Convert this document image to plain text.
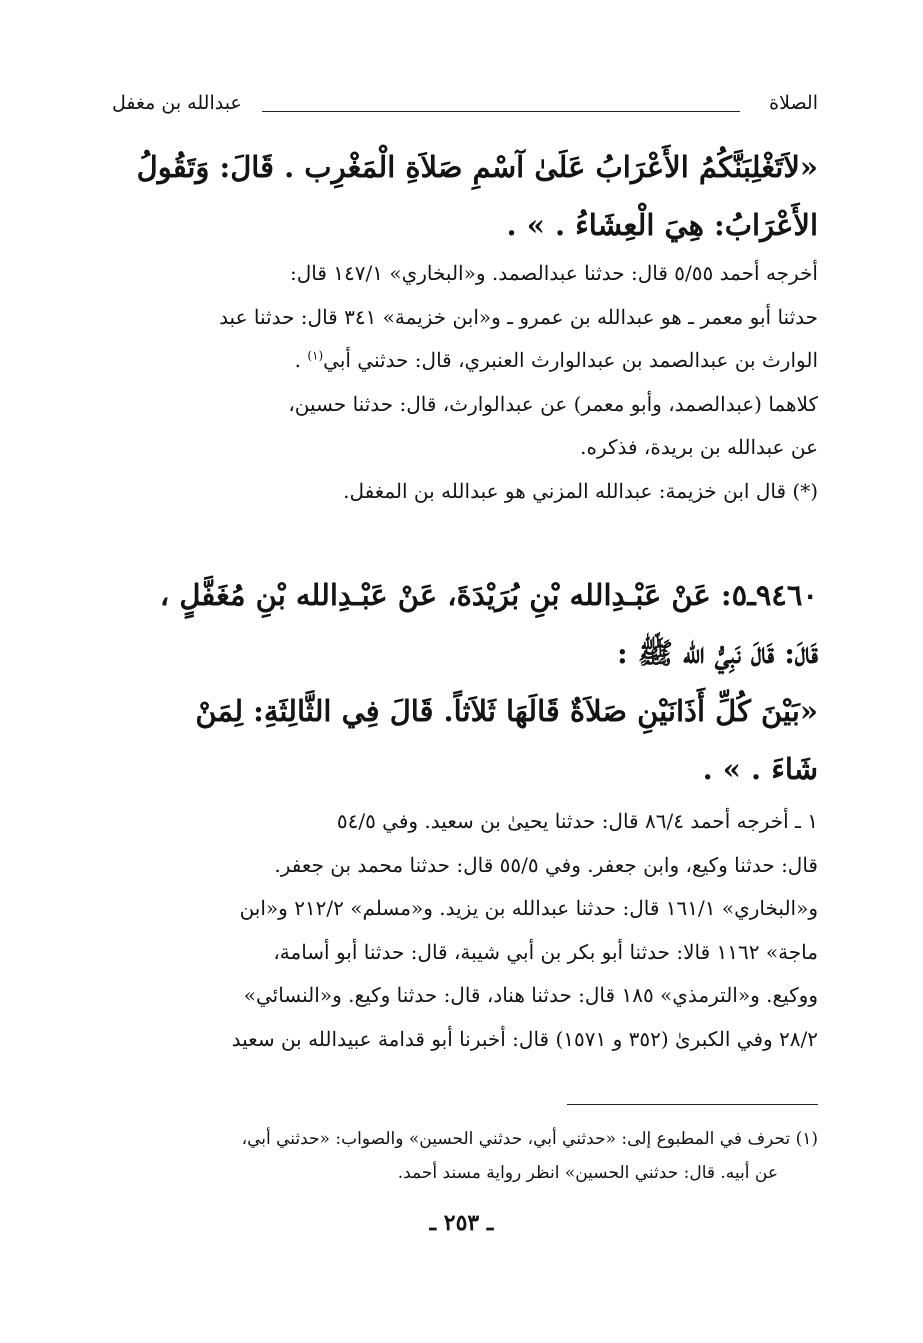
الصلاة
عبدالله بن مغفل

«لاَتَغْلِبَنَّكُمُ الأَعْرَابُ عَلَىٰ آسْمِ صَلاَةِ الْمَغْرِب . قَالَ: وَتَقُولُ

الأَعْرَابُ: هِيَ الْعِشَاءُ . » .

أخرجه أحمد ٥/٥٥ قال: حدثنا عبدالصمد. و«البخاري» ١٤٧/١ قال:

حدثنا أبو معمر ـ هو عبدالله بن عمرو ـ و«ابن خزيمة» ٣٤١ قال: حدثنا عبد

الوارث بن عبدالصمد بن عبدالوارث العنبري، قال: حدثني أبي$^{(١)}$ .

كلاهما (عبدالصمد، وأبو معمر) عن عبدالوارث، قال: حدثنا حسين،

عن عبدالله بن بريدة، فذكره.

(*) قال ابن خزيمة: عبدالله المزني هو عبدالله بن المغفل.

٩٤٦٠ـ٥: عَنْ عَبْـدِالله بْنِ بُرَيْدَةَ، عَنْ عَبْـدِالله بْنِ مُغَفَّلٍ ،

قَالَ: قَالَ نَبِيُّ الله ﷺ :

«بَيْنَ كُلِّ أَذَانَيْنِ صَلاَةٌ قَالَهَا ثَلاَثاً. قَالَ فِي الثَّالِثَةِ: لِمَنْ

شَاءَ . » .

١ ـ أخرجه أحمد ٨٦/٤ قال: حدثنا يحيىٰ بن سعيد. وفي ٥٤/٥

قال: حدثنا وكيع، وابن جعفر. وفي ٥٥/٥ قال: حدثنا محمد بن جعفر.

و«البخاري» ١٦١/١ قال: حدثنا عبدالله بن يزيد. و«مسلم» ٢١٢/٢ و«ابن

ماجة» ١١٦٢ قالا: حدثنا أبو بكر بن أبي شيبة، قال: حدثنا أبو أسامة،

ووكيع. و«الترمذي» ١٨٥ قال: حدثنا هناد، قال: حدثنا وكيع. و«النسائي»

٢٨/٢ وفي الكبرىٰ (٣٥٢ و ١٥٧١) قال: أخبرنا أبو قدامة عبيدالله بن سعيد

(١) تحرف في المطبوع إلى: «حدثني أبي، حدثني الحسين» والصواب: «حدثني أبي،

عن أبيه. قال: حدثني الحسين» انظر رواية مسند أحمد.

ـ ٢٥٣ ـ
